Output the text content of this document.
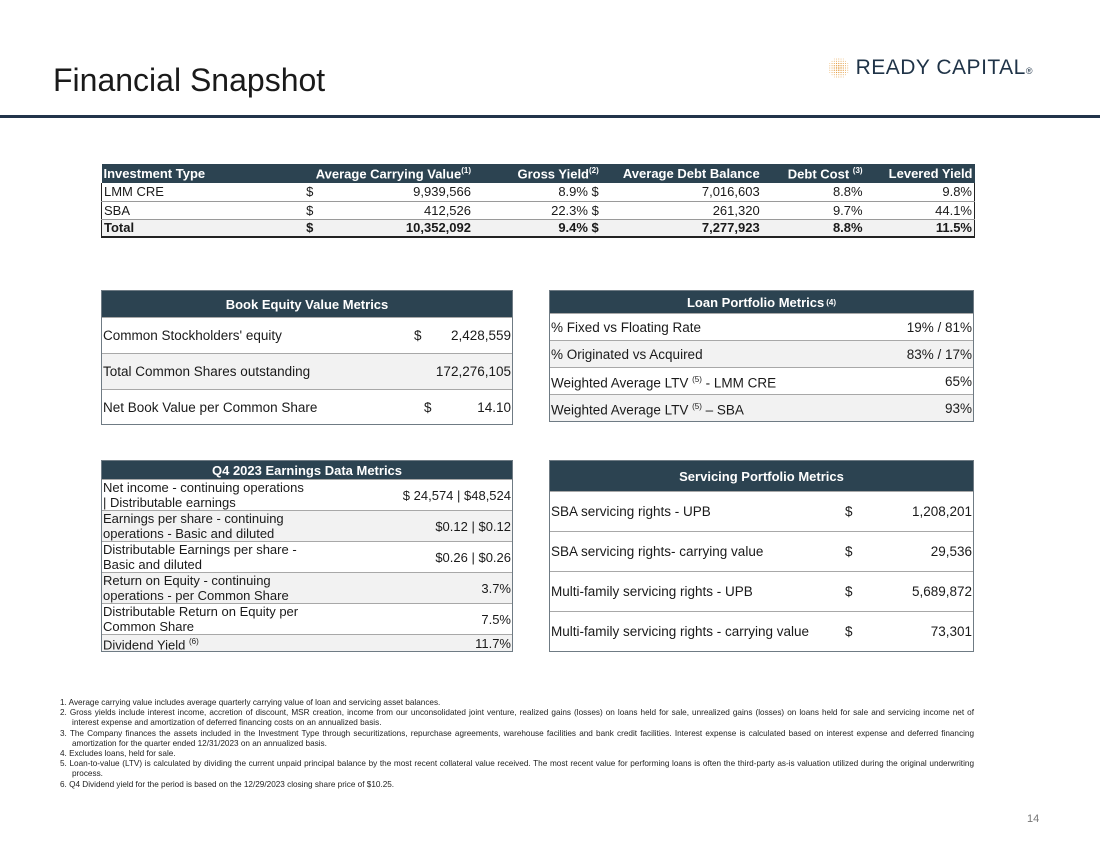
Financial Snapshot	READY CAPITAL®
Investment Type	Average Carrying Value$^{(1)}$	Gross Yield$^{(2)}$	Average Debt Balance	Debt Cost $^{(3)}$	Levered Yield
LMM CRE	$ 9,939,566	8.9% $	7,016,603	8.8%	9.8%
SBA	$ 412,526	22.3% $	261,320	9.7%	44.1%
Total	$ 10,352,092	9.4% $	7,277,923	8.8%	11.5%
Book Equity Value Metrics
Common Stockholders' equity	$	2,428,559
Total Common Shares outstanding	172,276,105
Net Book Value per Common Share	$	14.10
Loan Portfolio Metrics (4)
% Fixed vs Floating Rate	19% / 81%
% Originated vs Acquired	83% / 17%
Weighted Average LTV $^{(5)}$ - LMM CRE	65%
Weighted Average LTV $^{(5)}$ – SBA	93%
Q4 2023 Earnings Data Metrics
Net income - continuing operations | Distributable earnings	$ 24,574 | $48,524
Earnings per share - continuing operations - Basic and diluted	$0.12 | $0.12
Distributable Earnings per share - Basic and diluted	$0.26 | $0.26
Return on Equity - continuing operations - per Common Share	3.7%
Distributable Return on Equity per Common Share	7.5%
Dividend Yield $^{(6)}$	11.7%
Servicing Portfolio Metrics
SBA servicing rights - UPB	$	1,208,201
SBA servicing rights- carrying value	$	29,536
Multi-family servicing rights - UPB	$	5,689,872
Multi-family servicing rights - carrying value	$	73,301
1. Average carrying value includes average quarterly carrying value of loan and servicing asset balances.
2. Gross yields include interest income, accretion of discount, MSR creation, income from our unconsolidated joint venture, realized gains (losses) on loans held for sale, unrealized gains (losses) on loans held for sale and servicing income net of interest expense and amortization of deferred financing costs on an annualized basis.
3. The Company finances the assets included in the Investment Type through securitizations, repurchase agreements, warehouse facilities and bank credit facilities. Interest expense is calculated based on interest expense and deferred financing amortization for the quarter ended 12/31/2023 on an annualized basis.
4. Excludes loans, held for sale.
5. Loan-to-value (LTV) is calculated by dividing the current unpaid principal balance by the most recent collateral value received. The most recent value for performing loans is often the third-party as-is valuation utilized during the original underwriting process.
6. Q4 Dividend yield for the period is based on the 12/29/2023 closing share price of $10.25.
14
